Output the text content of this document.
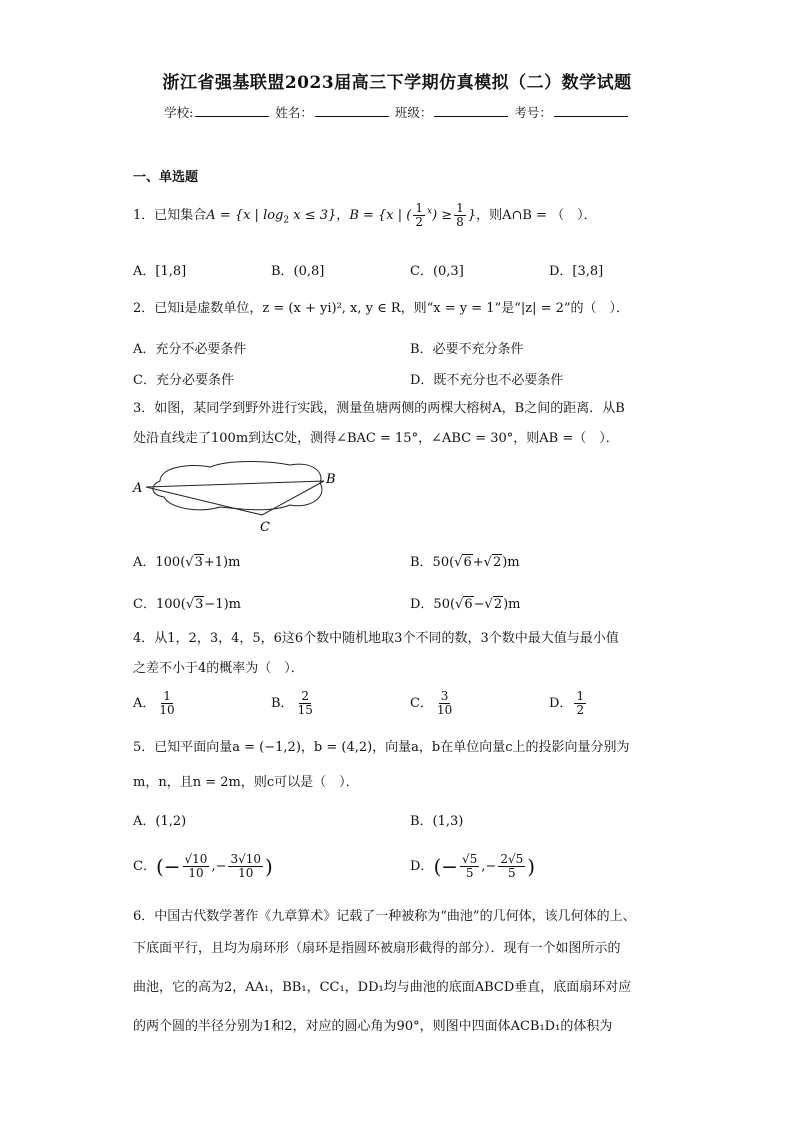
浙江省强基联盟2023届高三下学期仿真模拟（二）数学试题
学校:	姓名：	班级：	考号：
一、单选题
1．已知集合A = {x | $\log_2 x \le 3$}，B = {x | ( $\frac{1}{2} ^x) \ge \frac{1}{8}$ }，则A∩B = （　）．
A．[1,8]	B．(0,8]	C．(0,3]	D．[3,8]
2．已知i是虚数单位，z = (x + yi)², x, y ∈ R，则“x = y = 1”是“|z| = 2”的（　）．
A．充分不必要条件	B．必要不充分条件
C．充分必要条件	D．既不充分也不必要条件
3．如图，某同学到野外进行实践，测量鱼塘两侧的两棵大榕树A，B之间的距离．从B
处沿直线走了100m到达C处，测得∠BAC = 15°，∠ABC = 30°，则AB =（　）．
A
B
C
A．100(√3+1)m	B．50(√6+√2)m
C．100(√3−1)m	D．50(√6−√2)m
4．从1，2，3，4，5，6这6个数中随机地取3个不同的数，3个数中最大值与最小值
之差不小于4的概率为（　）．
A． $\frac{1}{10}$	B． $\frac{2}{15}$	C． $\frac{3}{10}$	D． $\frac{1}{2}$
5．已知平面向量a = (−1,2)，b = (4,2)，向量a，b在单位向量c上的投影向量分别为
m，n，且n = 2m，则c可以是（　）．
A．(1,2)	B．(1,3)
C．(− $\frac{√10}{10}$ ,− $\frac{3√10}{10}$ )	D．(− $\frac{√5}{5}$ ,− $\frac{2√5}{5}$ )
6．中国古代数学著作《九章算术》记载了一种被称为“曲池”的几何体，该几何体的上、
下底面平行，且均为扇环形（扇环是指圆环被扇形截得的部分）．现有一个如图所示的
曲池，它的高为2，AA₁，BB₁，CC₁，DD₁均与曲池的底面ABCD垂直，底面扇环对应
的两个圆的半径分别为1和2，对应的圆心角为90°，则图中四面体ACB₁D₁的体积为
